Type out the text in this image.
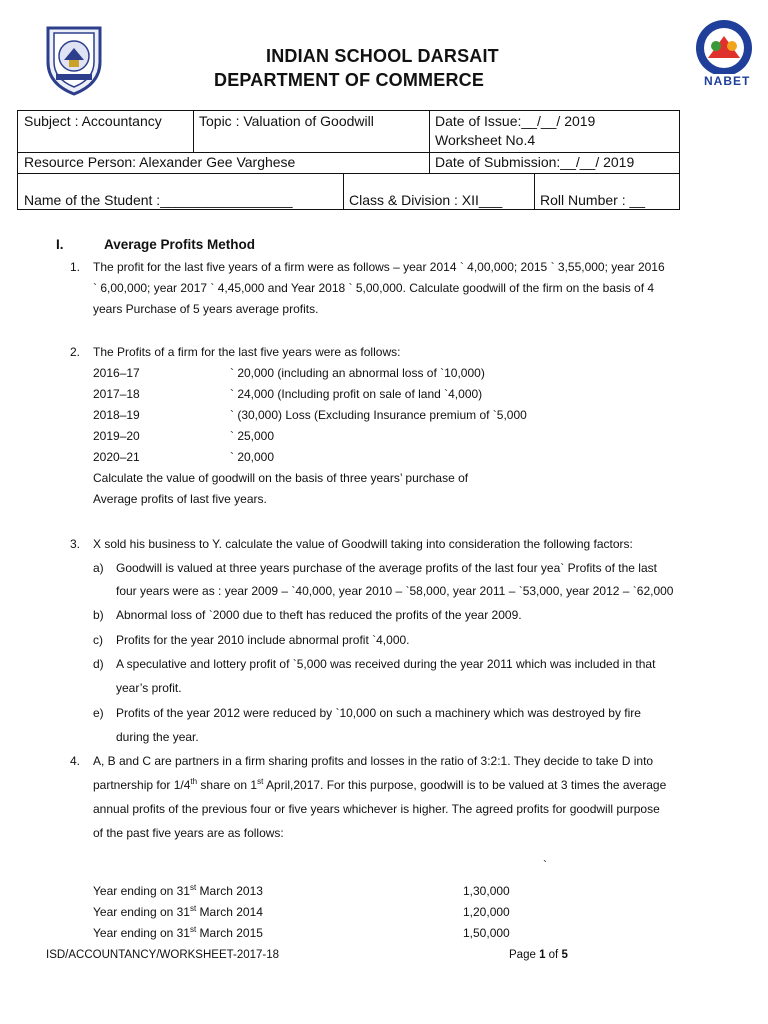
NABET
INDIAN SCHOOL DARSAIT
DEPARTMENT OF COMMERCE
Subject : Accountancy	Topic : Valuation of Goodwill	Date of Issue:__/__/ 2019
Worksheet No.4
Resource Person: Alexander Gee Varghese	Date of Submission:__/__/ 2019
Name of the Student :_________________	Class & Division : XII___	Roll Number : __
I.	Average Profits Method
1. The profit for the last five years of a firm were as follows – year 2014 ` 4,00,000; 2015 ` 3,55,000; year 2016
` 6,00,000; year 2017 ` 4,45,000 and Year 2018 ` 5,00,000. Calculate goodwill of the firm on the basis of 4
years Purchase of 5 years average profits.
2. The Profits of a firm for the last five years were as follows:
2016–17	` 20,000 (including an abnormal loss of `10,000)
2017–18	` 24,000 (Including profit on sale of land `4,000)
2018–19	` (30,000) Loss (Excluding Insurance premium of `5,000
2019–20	` 25,000
2020–21	` 20,000
Calculate the value of goodwill on the basis of three years’ purchase of
Average profits of last five years.
3. X sold his business to Y. calculate the value of Goodwill taking into consideration the following factors:
a) Goodwill is valued at three years purchase of the average profits of the last four yea` Profits of the last
four years were as : year 2009 – `40,000, year 2010 – `58,000, year 2011 – `53,000, year 2012 – `62,000
b) Abnormal loss of `2000 due to theft has reduced the profits of the year 2009.
c) Profits for the year 2010 include abnormal profit `4,000.
d) A speculative and lottery profit of `5,000 was received during the year 2011 which was included in that
year’s profit.
e) Profits of the year 2012 were reduced by `10,000 on such a machinery which was destroyed by fire
during the year.
4. A, B and C are partners in a firm sharing profits and losses in the ratio of 3:2:1. They decide to take D into
partnership for 1/4th share on 1st April,2017. For this purpose, goodwill is to be valued at 3 times the average
annual profits of the previous four or five years whichever is higher. The agreed profits for goodwill purpose
of the past five years are as follows:
`
Year ending on 31st March 2013	1,30,000
Year ending on 31st March 2014	1,20,000
Year ending on 31st March 2015	1,50,000
ISD/ACCOUNTANCY/WORKSHEET-2017-18	Page 1 of 5
